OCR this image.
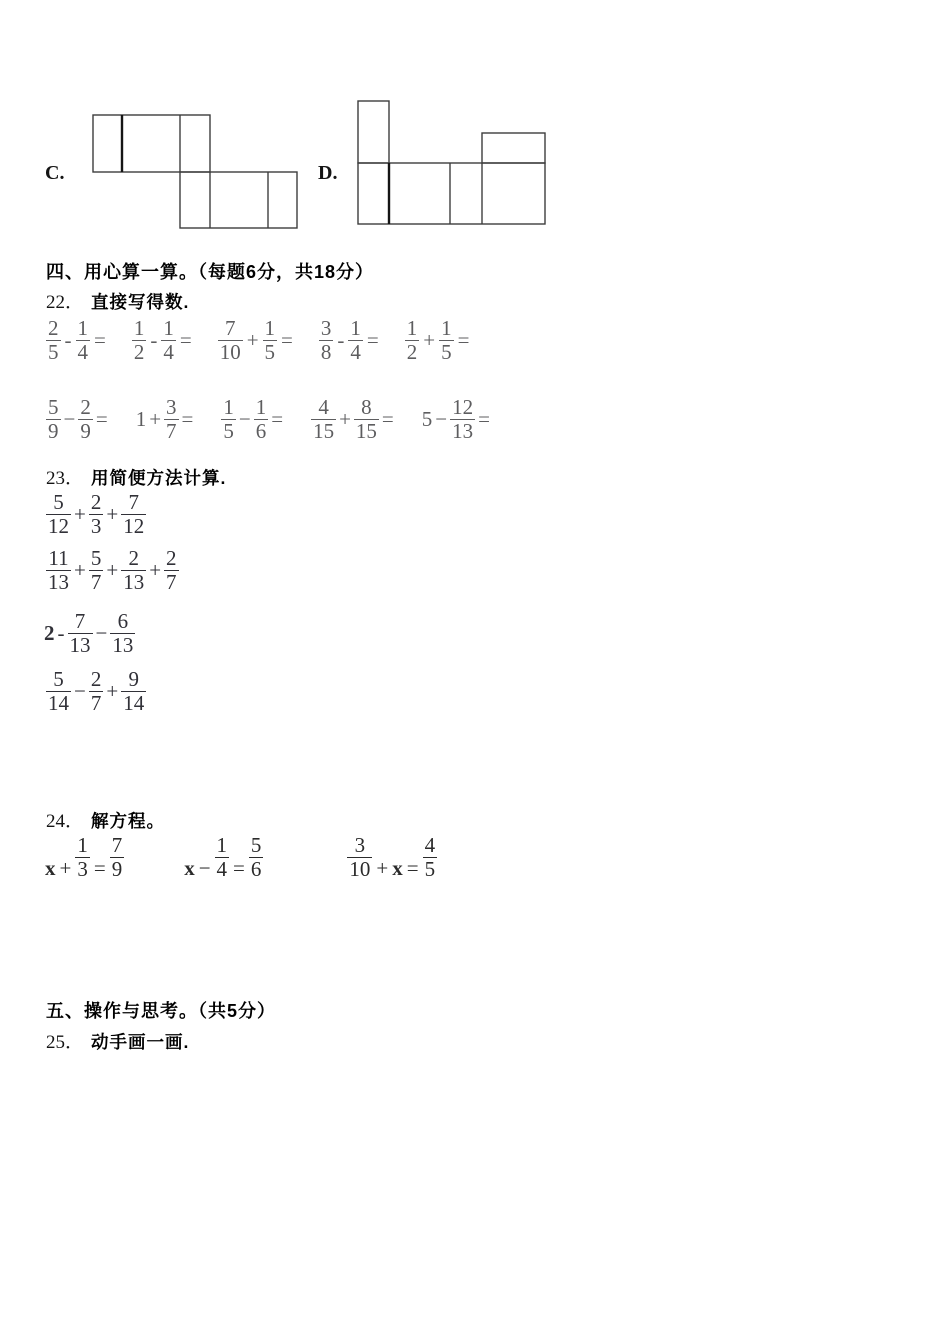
C.	D.
四、用心算一算。（每题6分，共18分）
22． 直接写得数.
$\frac{2}{5} - \frac{1}{4} = \frac{1}{2} - \frac{1}{4} = \frac{7}{10} + \frac{1}{5} = \frac{3}{8} - \frac{1}{4} = \frac{1}{2} + \frac{1}{5}$ =
$\frac{5}{9} - \frac{2}{9} = 1 + \frac{3}{7} = \frac{1}{5} - \frac{1}{6} = \frac{4}{15} + \frac{8}{15} = 5 - \frac{12}{13}$ =
23． 用简便方法计算.
$\frac{5}{12} + \frac{2}{3} + \frac{7}{12}$
$\frac{11}{13} + \frac{5}{7} + \frac{2}{13} + \frac{2}{7}$
$2 - \frac{7}{13} - \frac{6}{13}$
$\frac{5}{14} - \frac{2}{7} + \frac{9}{14}$
24． 解方程。
$x + \frac{1}{3} = \frac{7}{9}$	$x - \frac{1}{4} = \frac{5}{6}$	$\frac{3}{10} + x = \frac{4}{5}$
五、操作与思考。（共5分）
25． 动手画一画.
